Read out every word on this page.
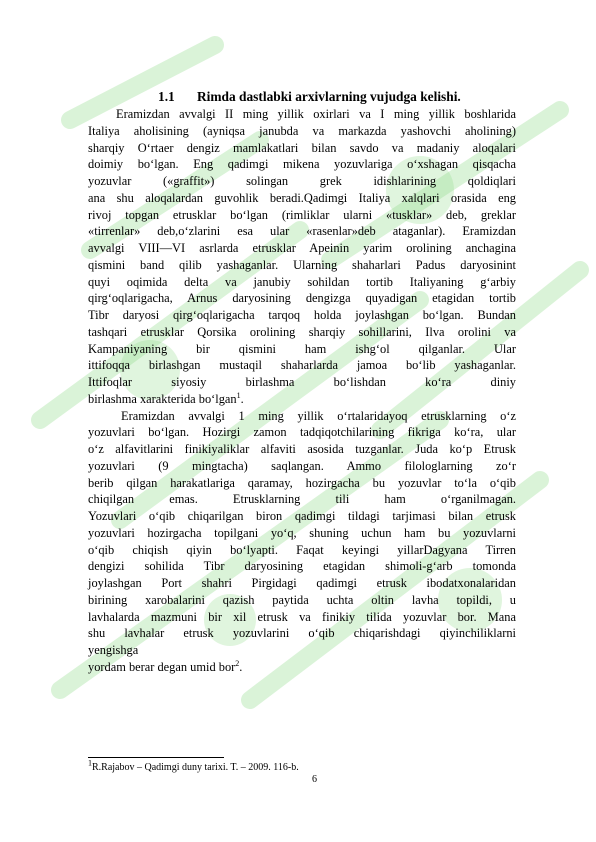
1.1 Rimda dastlabki arxivlarning vujudga kelishi.

Eramizdan avvalgi II ming yillik oxirlari va I ming yillik boshlarida
Italiya aholisining (ayniqsa janubda va markazda yashovchi aholining)
sharqiy O‘rtaer dengiz mamlakatlari bilan savdo va madaniy aloqalari
doimiy bo‘lgan. Eng qadimgi mikena yozuvlariga o‘xshagan qisqacha
yozuvlar («graffit») solingan grek idishlarining qoldiqlari
ana shu aloqalardan guvohlik beradi.Qadimgi Italiya xalqlari orasida eng
rivoj topgan etrusklar bo‘lgan (rimliklar ularni «tusklar» deb, greklar
«tirrenlar» deb,o‘zlarini esa ular «rasenlar»deb ataganlar). Eramizdan
avvalgi VIII—VI asrlarda etrusklar Apeinin yarim orolining anchagina
qismini band qilib yashaganlar. Ularning shaharlari Padus daryosinint
quyi oqimida delta va janubiy sohildan tortib Italiyaning g‘arbiy
qirg‘oqlarigacha, Arnus daryosining dengizga quyadigan etagidan tortib
Tibr daryosi qirg‘oqlarigacha tarqoq holda joylashgan bo‘lgan. Bundan
tashqari etrusklar Qorsika orolining sharqiy sohillarini, Ilva orolini va
Kampaniyaning bir qismini ham ishg‘ol qilganlar. Ular
ittifoqqa birlashgan mustaqil shaharlarda jamoa bo‘lib yashaganlar.
Ittifoqlar siyosiy birlashma bo‘lishdan ko‘ra diniy
birlashma xarakterida bo‘lgan$^1$.

Eramizdan avvalgi 1 ming yillik o‘rtalaridayoq etrusklarning o‘z
yozuvlari bo‘lgan. Hozirgi zamon tadqiqotchilarining fikriga ko‘ra, ular
o‘z alfavitlarini finikiyaliklar alfaviti asosida tuzganlar. Juda ko‘p Etrusk
yozuvlari (9 mingtacha) saqlangan. Ammo filologlarning zo‘r
berib qilgan harakatlariga qaramay, hozirgacha bu yozuvlar to‘la o‘qib
chiqilgan emas. Etrusklarning tili ham o‘rganilmagan.
Yozuvlari o‘qib chiqarilgan biron qadimgi tildagi tarjimasi bilan etrusk
yozuvlari hozirgacha topilgani yo‘q, shuning uchun ham bu yozuvlarni
o‘qib chiqish qiyin bo‘lyapti. Faqat keyingi yillarDagyana Tirren
dengizi sohilida Tibr daryosining etagidan shimoli-g‘arb tomonda
joylashgan Port shahri Pirgidagi qadimgi etrusk ibodatxonalaridan
birining xarobalarini qazish paytida uchta oltin lavha topildi, u
lavhalarda mazmuni bir xil etrusk va finikiy tilida yozuvlar bor. Mana
shu lavhalar etrusk yozuvlarini o‘qib chiqarishdagi qiyinchiliklarni
yengishga
yordam berar degan umid bor$^2$.

$^1$R.Rajabov – Qadimgi duny tarixi. T. – 2009. 116-b.
6
